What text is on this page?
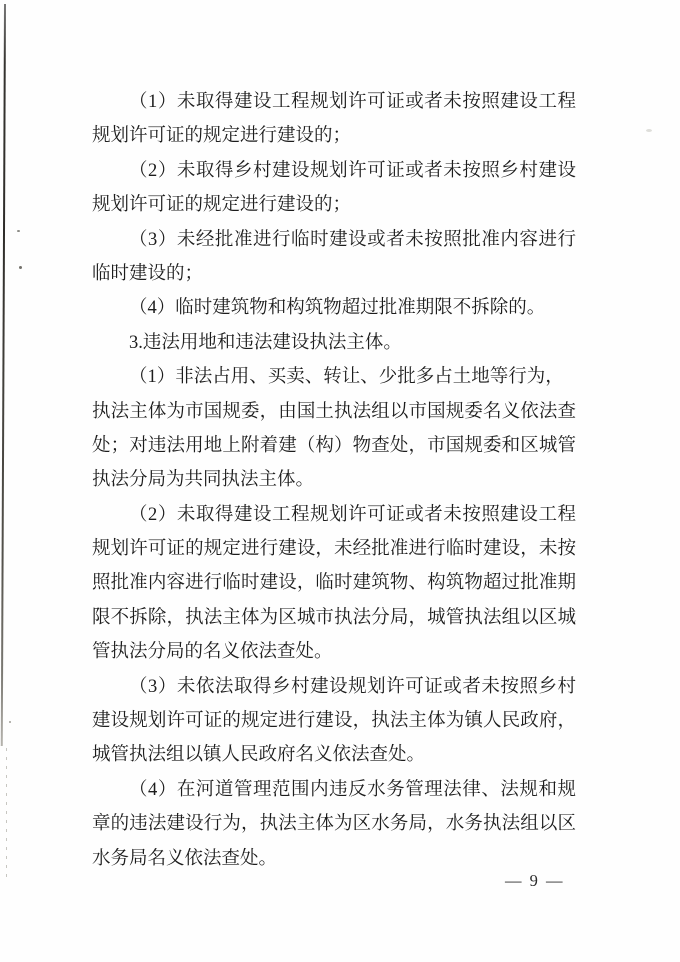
（1）未取得建设工程规划许可证或者未按照建设工程
规划许可证的规定进行建设的；
（2）未取得乡村建设规划许可证或者未按照乡村建设
规划许可证的规定进行建设的；
（3）未经批准进行临时建设或者未按照批准内容进行
临时建设的；
（4）临时建筑物和构筑物超过批准期限不拆除的。
3.违法用地和违法建设执法主体。
（1）非法占用、买卖、转让、少批多占土地等行为，
执法主体为市国规委，由国土执法组以市国规委名义依法查
处；对违法用地上附着建（构）物查处，市国规委和区城管
执法分局为共同执法主体。
（2）未取得建设工程规划许可证或者未按照建设工程
规划许可证的规定进行建设，未经批准进行临时建设，未按
照批准内容进行临时建设，临时建筑物、构筑物超过批准期
限不拆除，执法主体为区城市执法分局，城管执法组以区城
管执法分局的名义依法查处。
（3）未依法取得乡村建设规划许可证或者未按照乡村
建设规划许可证的规定进行建设，执法主体为镇人民政府，
城管执法组以镇人民政府名义依法查处。
（4）在河道管理范围内违反水务管理法律、法规和规
章的违法建设行为，执法主体为区水务局，水务执法组以区
水务局名义依法查处。
— 9 —
